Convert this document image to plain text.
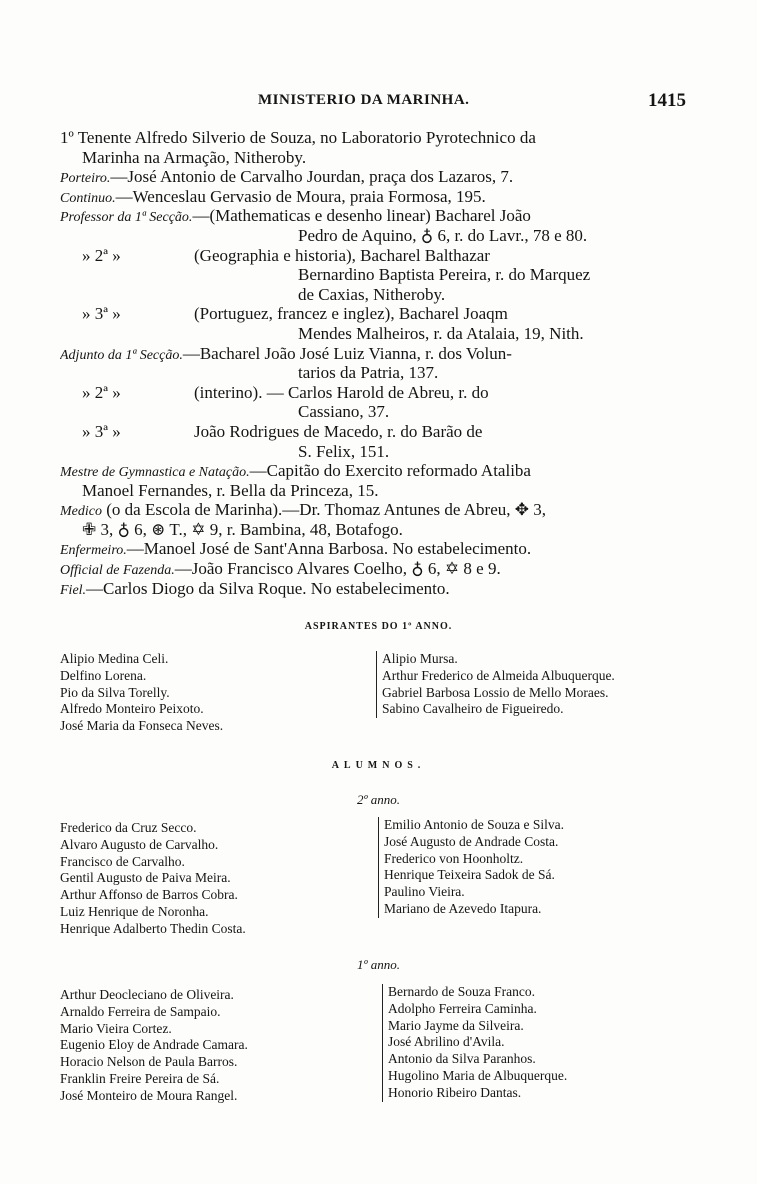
MINISTERIO DA MARINHA.	1415
1º Tenente Alfredo Silverio de Souza, no Laboratorio Pyrotechnico da
Marinha na Armação, Nitheroby.
Porteiro.—José Antonio de Carvalho Jourdan, praça dos Lazaros, 7.
Continuo.—Wenceslau Gervasio de Moura, praia Formosa, 195.
Professor da 1ª Secção.—(Mathematicas e desenho linear) Bacharel João
Pedro de Aquino, ♁ 6, r. do Lavr., 78 e 80.
» 2ª »	(Geographia e historia), Bacharel Balthazar
Bernardino Baptista Pereira, r. do Marquez
de Caxias, Nitheroby.
» 3ª »	(Portuguez, francez e inglez), Bacharel Joaqm
Mendes Malheiros, r. da Atalaia, 19, Nith.
Adjunto da 1ª Secção.—Bacharel João José Luiz Vianna, r. dos Volun-
tarios da Patria, 137.
» 2ª »	(interino). — Carlos Harold de Abreu, r. do
Cassiano, 37.
» 3ª »	João Rodrigues de Macedo, r. do Barão de
S. Felix, 151.
Mestre de Gymnastica e Natação.—Capitão do Exercito reformado Ataliba
Manoel Fernandes, r. Bella da Princeza, 15.
Medico (o da Escola de Marinha).—Dr. Thomaz Antunes de Abreu, ✥ 3,
✙ 3, ♁ 6, ⊛ T., ✡ 9, r. Bambina, 48, Botafogo.
Enfermeiro.—Manoel José de Sant'Anna Barbosa. No estabelecimento.
Official de Fazenda.—João Francisco Alvares Coelho, ♁ 6, ✡ 8 e 9.
Fiel.—Carlos Diogo da Silva Roque. No estabelecimento.
ASPIRANTES DO 1º ANNO.
Alipio Medina Celi.
Delfino Lorena.
Pio da Silva Torelly.
Alfredo Monteiro Peixoto.
José Maria da Fonseca Neves.
Alipio Mursa.
Arthur Frederico de Almeida Albuquerque.
Gabriel Barbosa Lossio de Mello Moraes.
Sabino Cavalheiro de Figueiredo.
ALUMNOS.
2º anno.
Frederico da Cruz Secco.
Alvaro Augusto de Carvalho.
Francisco de Carvalho.
Gentil Augusto de Paiva Meira.
Arthur Affonso de Barros Cobra.
Luiz Henrique de Noronha.
Henrique Adalberto Thedin Costa.
Emilio Antonio de Souza e Silva.
José Augusto de Andrade Costa.
Frederico von Hoonholtz.
Henrique Teixeira Sadok de Sá.
Paulino Vieira.
Mariano de Azevedo Itapura.
1º anno.
Arthur Deocleciano de Oliveira.
Arnaldo Ferreira de Sampaio.
Mario Vieira Cortez.
Eugenio Eloy de Andrade Camara.
Horacio Nelson de Paula Barros.
Franklin Freire Pereira de Sá.
José Monteiro de Moura Rangel.
Bernardo de Souza Franco.
Adolpho Ferreira Caminha.
Mario Jayme da Silveira.
José Abrilino d'Avila.
Antonio da Silva Paranhos.
Hugolino Maria de Albuquerque.
Honorio Ribeiro Dantas.
